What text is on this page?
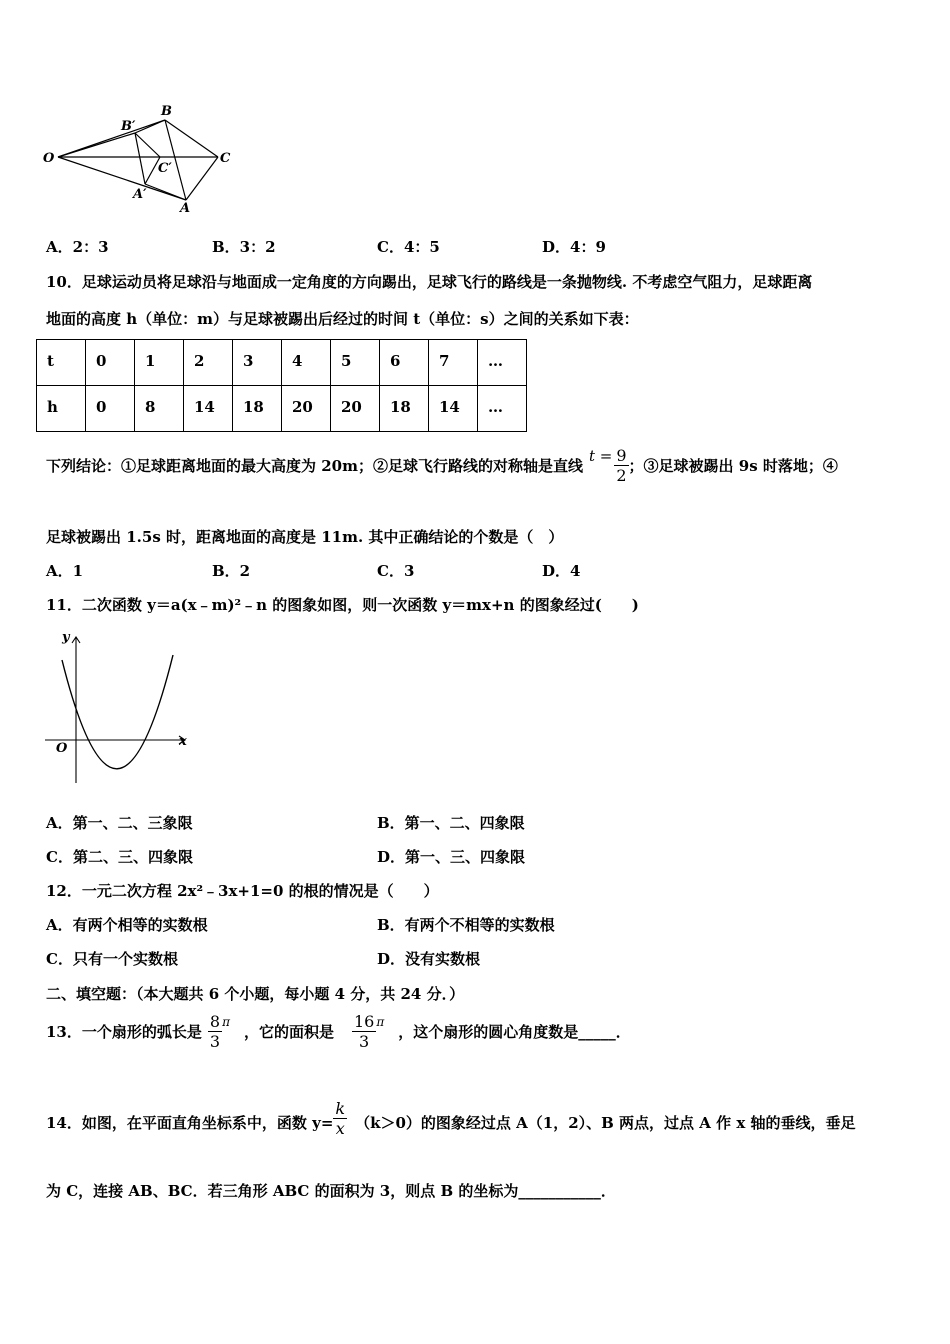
B
B′
O	C
C′
A′
A
A．2：3	B．3：2	C．4：5	D．4：9
10．足球运动员将足球沿与地面成一定角度的方向踢出，足球飞行的路线是一条抛物线. 不考虑空气阻力，足球距离
地面的高度 h（单位：m）与足球被踢出后经过的时间 t（单位：s）之间的关系如下表：
t	0	1	2	3	4	5	6	7	…
h	0	8	14	18	20	20	18	14	…
下列结论：①足球距离地面的最大高度为 20m；②足球飞行路线的对称轴是直线
$t = \frac{9}{2}$ ；③足球被踢出 9s 时落地；④
足球被踢出 1.5s 时，距离地面的高度是 11m. 其中正确结论的个数是（　）
A．1	B．2	C．3	D．4
11．二次函数 y＝a(x﹣m)²﹣n 的图象如图，则一次函数 y＝mx+n 的图象经过(　　)
y
x
O
A．第一、二、三象限	B．第一、二、四象限
C．第二、三、四象限	D．第一、三、四象限
12．一元二次方程 2x²﹣3x+1=0 的根的情况是（　　）
A．有两个相等的实数根	B．有两个不相等的实数根
C．只有一个实数根	D．没有实数根
二、填空题：（本大题共 6 个小题，每小题 4 分，共 24 分．）
13．一个扇形的弧长是 $\frac{8}{3}$ π
，它的面积是 $\frac{16}{3}$ π
，这个扇形的圆心角度数是_____．
14．如图，在平面直角坐标系中，函数 $y= \frac{k}{x} (k>0)$的图象经过点 A（1，2）、B 两点，过点 A 作 x 轴的垂线，垂足
为 C，连接 AB、BC．若三角形 ABC 的面积为 3，则点 B 的坐标为___________．
